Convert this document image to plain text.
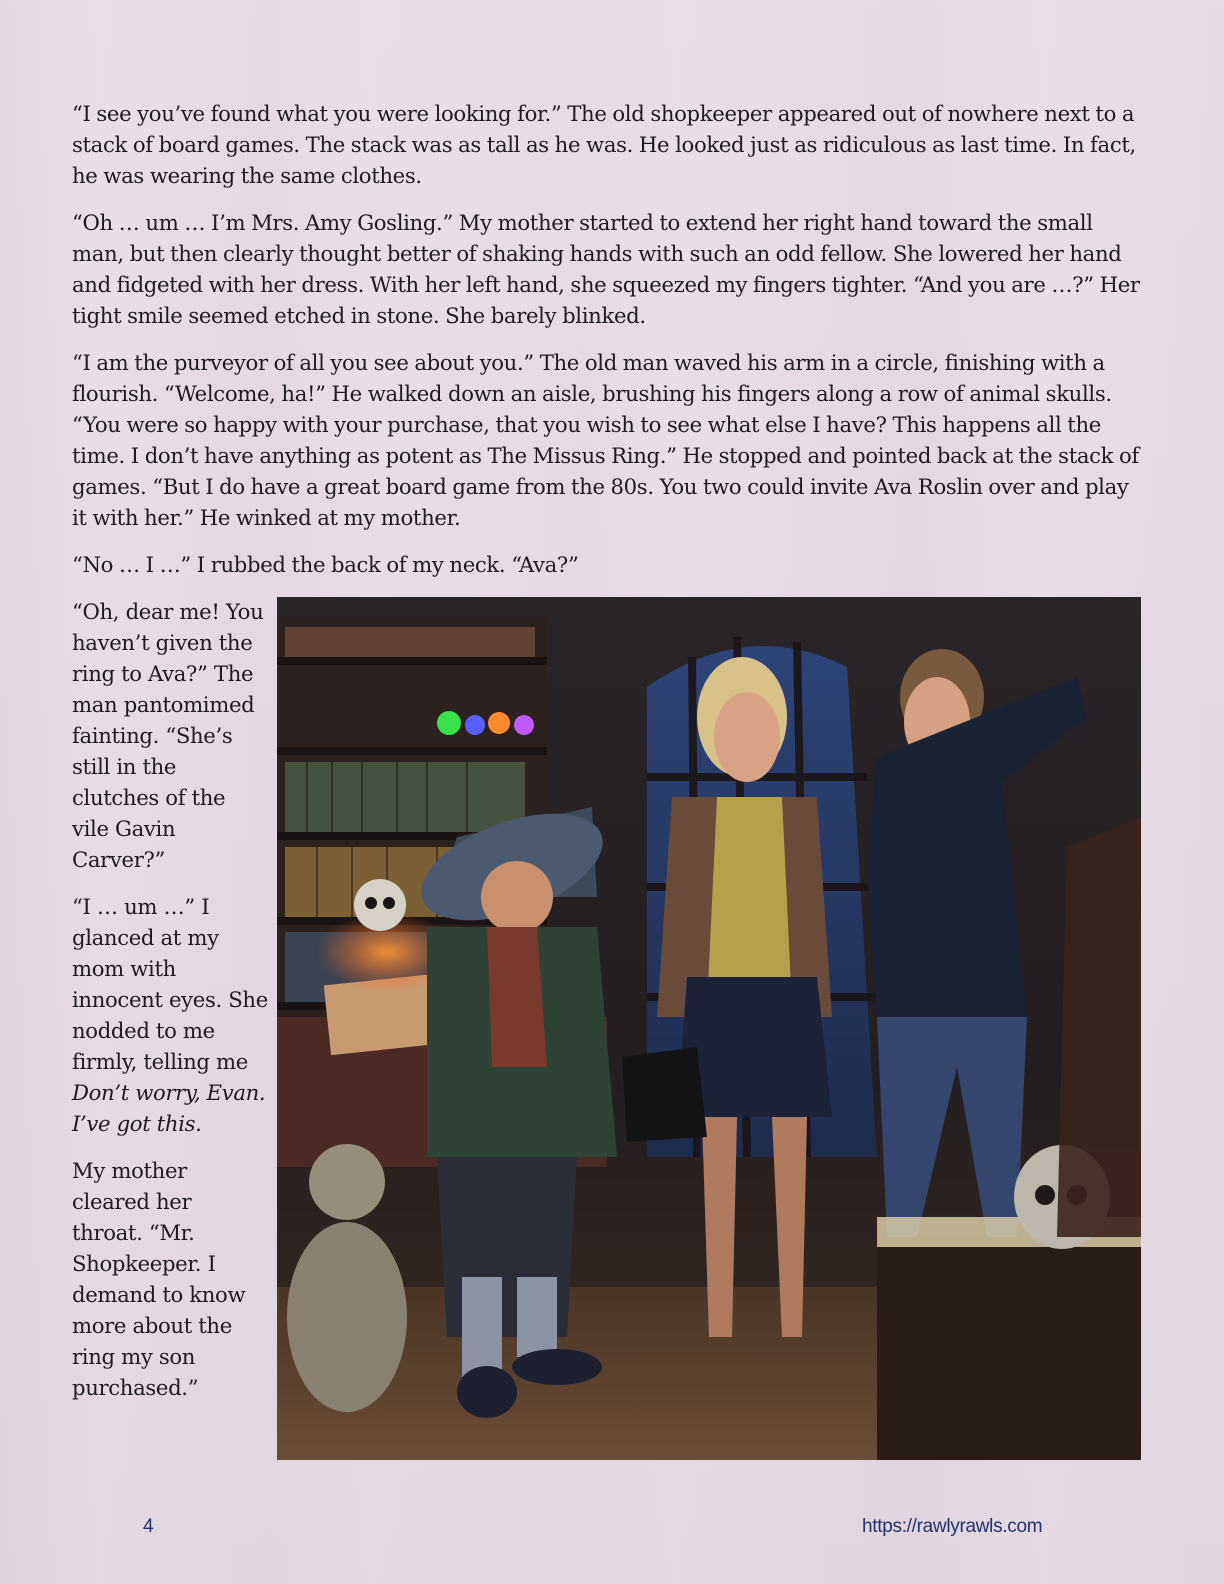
“I see you’ve found what you were looking for.” The old shopkeeper appeared out of nowhere next to a stack of board games. The stack was as tall as he was. He looked just as ridiculous as last time. In fact, he was wearing the same clothes.

“Oh … um … I’m Mrs. Amy Gosling.” My mother started to extend her right hand toward the small man, but then clearly thought better of shaking hands with such an odd fellow. She lowered her hand and fidgeted with her dress. With her left hand, she squeezed my fingers tighter. “And you are …?” Her tight smile seemed etched in stone. She barely blinked.

“I am the purveyor of all you see about you.” The old man waved his arm in a circle, finishing with a flourish. “Welcome, ha!” He walked down an aisle, brushing his fingers along a row of animal skulls. “You were so happy with your purchase, that you wish to see what else I have? This happens all the time. I don’t have anything as potent as The Missus Ring.” He stopped and pointed back at the stack of games. “But I do have a great board game from the 80s. You two could invite Ava Roslin over and play it with her.” He winked at my mother.

“No … I …” I rubbed the back of my neck. “Ava?”

“Oh, dear me! You haven’t given the ring to Ava?” The man pantomimed fainting. “She’s still in the clutches of the vile Gavin Carver?”

“I … um …” I glanced at my mom with innocent eyes. She nodded to me firmly, telling me Don’t worry, Evan. I’ve got this.

My mother cleared her throat. “Mr. Shopkeeper. I demand to know more about the ring my son purchased.”

4	https://rawlyrawls.com
